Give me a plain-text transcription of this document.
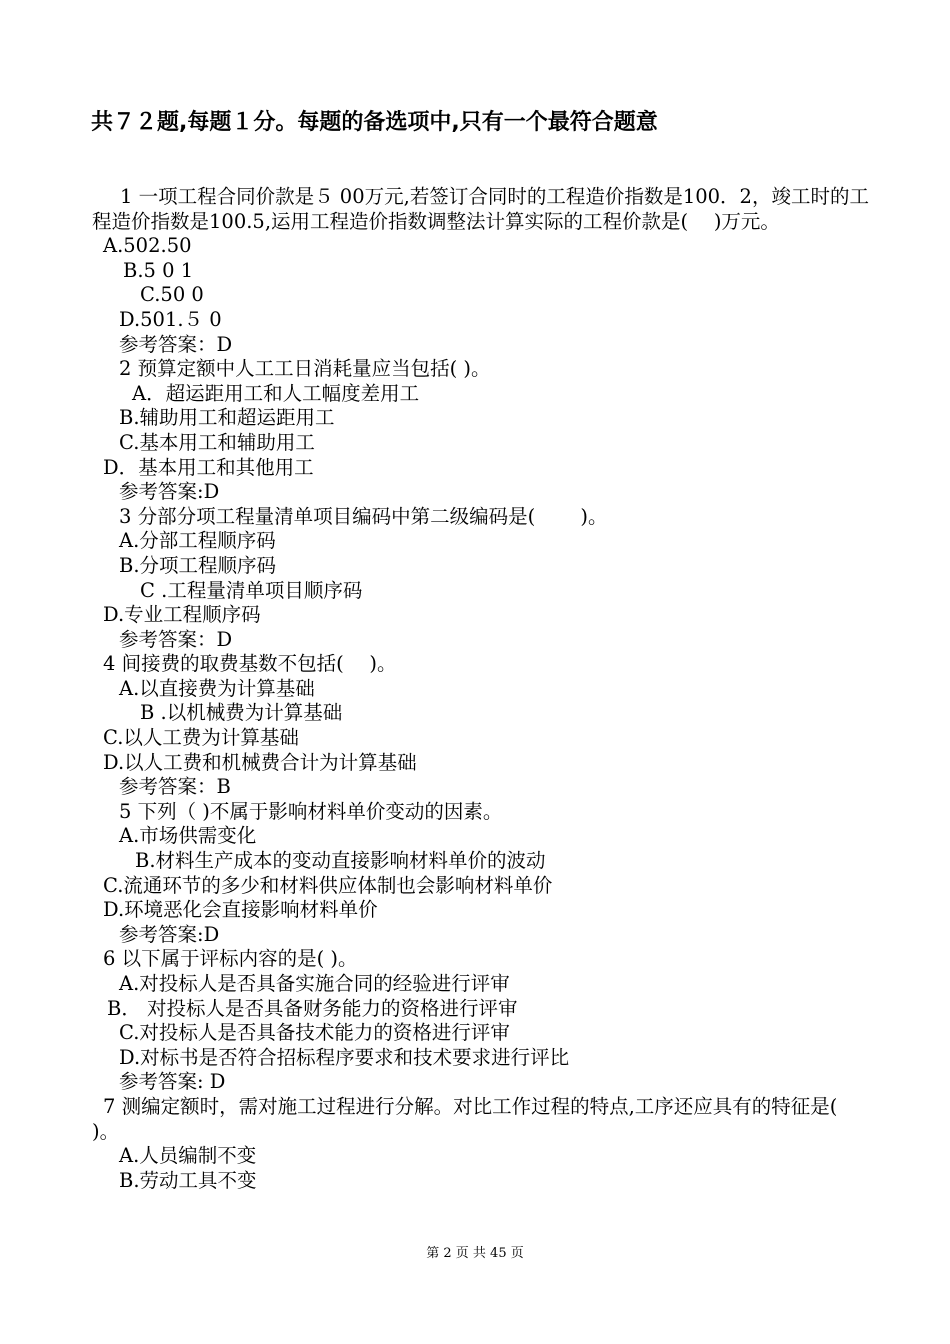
共７２题,每题１分。每题的备选项中,只有一个最符合题意
1 一项工程合同价款是５ 00万元,若签订合同时的工程造价指数是100．2，竣工时的工程造价指数是100.5,运用工程造价指数调整法计算实际的工程价款是(　 )万元。
A.502.50
B.5 0 1
C.50 0
D.501.５ 0
参考答案：D
2 预算定额中人工工日消耗量应当包括( )。
A．超运距用工和人工幅度差用工
B.辅助用工和超运距用工
C.基本用工和辅助用工
D．基本用工和其他用工
参考答案:D
3 分部分项工程量清单项目编码中第二级编码是(　　 )。
A.分部工程顺序码
B.分项工程顺序码
C .工程量清单项目顺序码
D.专业工程顺序码
参考答案：D
4 间接费的取费基数不包括(　 )。
A.以直接费为计算基础
B .以机械费为计算基础
C.以人工费为计算基础
D.以人工费和机械费合计为计算基础
参考答案：B
5 下列（ )不属于影响材料单价变动的因素。
A.市场供需变化
B.材料生产成本的变动直接影响材料单价的波动
C.流通环节的多少和材料供应体制也会影响材料单价
D.环境恶化会直接影响材料单价
参考答案:D
6 以下属于评标内容的是( )。
A.对投标人是否具备实施合同的经验进行评审
B． 对投标人是否具备财务能力的资格进行评审
C.对投标人是否具备技术能力的资格进行评审
D.对标书是否符合招标程序要求和技术要求进行评比
参考答案: D
7 测编定额时，需对施工过程进行分解。对比工作过程的特点,工序还应具有的特征是(　 )。
A.人员编制不变
B.劳动工具不变
第 2 页 共 45 页
